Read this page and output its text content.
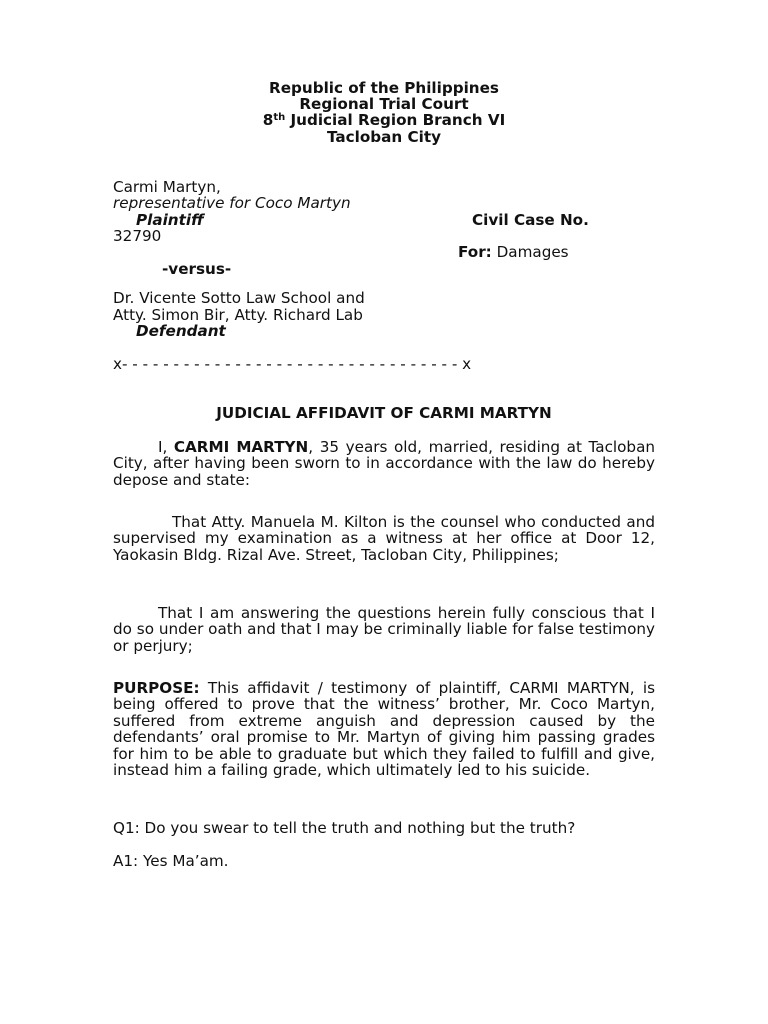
Republic of the Philippines
Regional Trial Court
8th Judicial Region Branch VI
Tacloban City
Carmi Martyn,
representative for Coco Martyn
Plaintiff	Civil Case No.
32790
For: Damages
-versus-
Dr. Vicente Sotto Law School and
Atty. Simon Bir, Atty. Richard Lab
Defendant
x- - - - - - - - - - - - - - - - - - - - - - - - - - - - - - - - - x
JUDICIAL AFFIDAVIT OF CARMI MARTYN
I, CARMI MARTYN, 35 years old, married, residing at Tacloban City, after having been sworn to in accordance with the law do hereby depose and state:
That Atty. Manuela M. Kilton is the counsel who conducted and supervised my examination as a witness at her office at Door 12, Yaokasin Bldg. Rizal Ave. Street, Tacloban City, Philippines;
That I am answering the questions herein fully conscious that I do so under oath and that I may be criminally liable for false testimony or perjury;
PURPOSE: This affidavit / testimony of plaintiff, CARMI MARTYN, is being offered to prove that the witness’ brother, Mr. Coco Martyn, suffered from extreme anguish and depression caused by the defendants’ oral promise to Mr. Martyn of giving him passing grades for him to be able to graduate but which they failed to fulfill and give, instead him a failing grade, which ultimately led to his suicide.
Q1: Do you swear to tell the truth and nothing but the truth?
A1: Yes Ma’am.
